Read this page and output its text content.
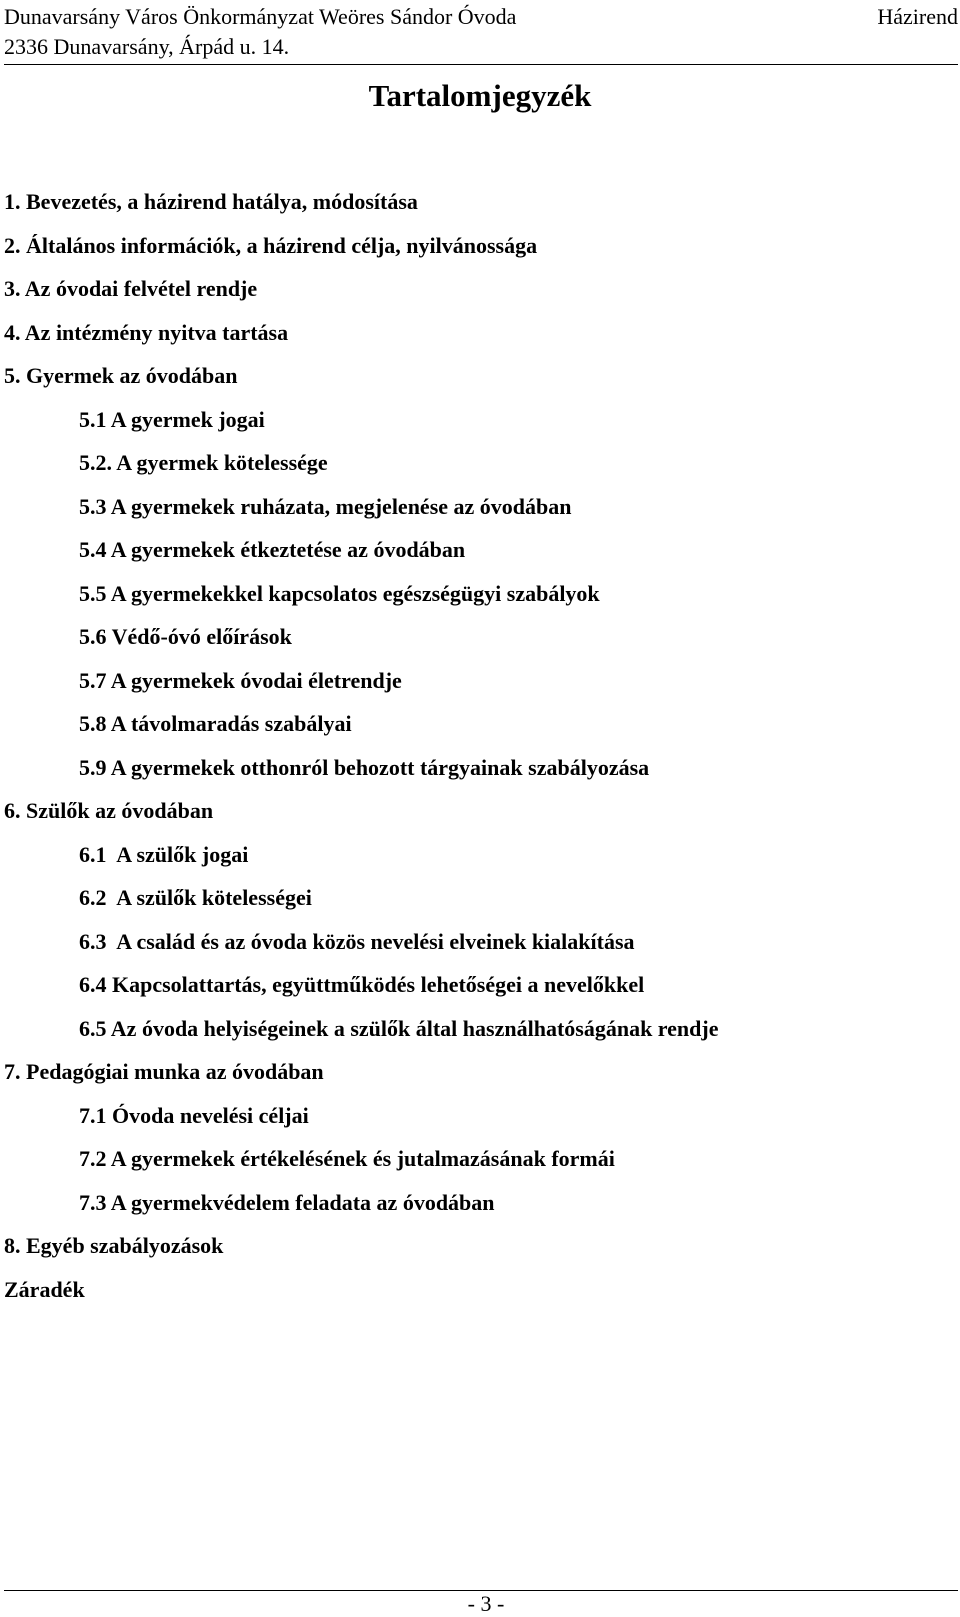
Dunavarsány Város Önkormányzat Weöres Sándor Óvoda	Házirend
2336 Dunavarsány, Árpád u. 14.
Tartalomjegyzék
1. Bevezetés, a házirend hatálya, módosítása
2. Általános információk, a házirend célja, nyilvánossága
3. Az óvodai felvétel rendje
4. Az intézmény nyitva tartása
5. Gyermek az óvodában
5.1 A gyermek jogai
5.2. A gyermek kötelessége
5.3 A gyermekek ruházata, megjelenése az óvodában
5.4 A gyermekek étkeztetése az óvodában
5.5 A gyermekekkel kapcsolatos egészségügyi szabályok
5.6 Védő-óvó előírások
5.7 A gyermekek óvodai életrendje
5.8 A távolmaradás szabályai
5.9 A gyermekek otthonról behozott tárgyainak szabályozása
6. Szülők az óvodában
6.1  A szülők jogai
6.2  A szülők kötelességei
6.3  A család és az óvoda közös nevelési elveinek kialakítása
6.4 Kapcsolattartás, együttműködés lehetőségei a nevelőkkel
6.5 Az óvoda helyiségeinek a szülők által használhatóságának rendje
7. Pedagógiai munka az óvodában
7.1 Óvoda nevelési céljai
7.2 A gyermekek értékelésének és jutalmazásának formái
7.3 A gyermekvédelem feladata az óvodában
8. Egyéb szabályozások
Záradék
- 3 -
